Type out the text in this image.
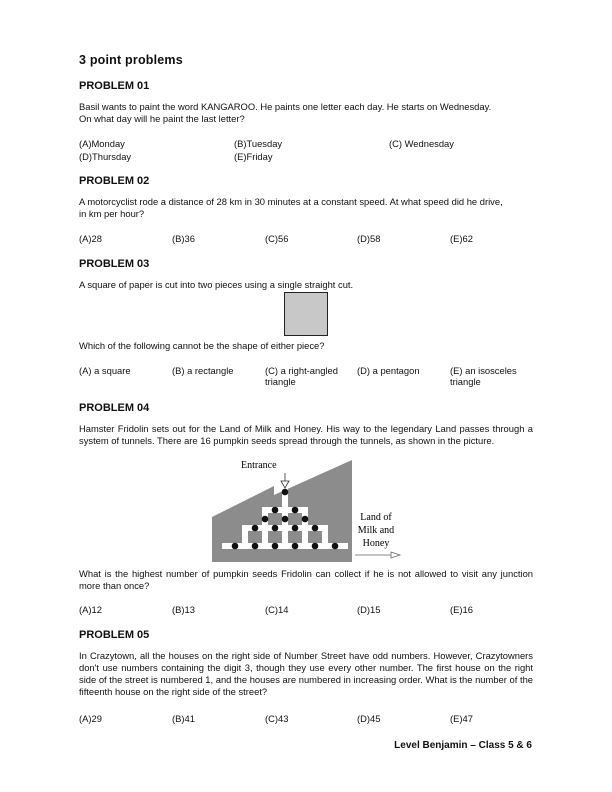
3 point problems
PROBLEM 01
Basil wants to paint the word KANGAROO. He paints one letter each day. He starts on Wednesday.
On what day will he paint the last letter?
(A)Monday	(B)Tuesday	(C) Wednesday
(D)Thursday	(E)Friday
PROBLEM 02
A motorcyclist rode a distance of 28 km in 30 minutes at a constant speed. At what speed did he drive,
in km per hour?
(A)28	(B)36	(C)56	(D)58	(E)62
PROBLEM 03
A square of paper is cut into two pieces using a single straight cut.
Which of the following cannot be the shape of either piece?
(A) a square	(B) a rectangle	(C) a right-angled triangle
(D) a pentagon	(E) an isosceles triangle
PROBLEM 04
Hamster Fridolin sets out for the Land of Milk and Honey. His way to the legendary Land passes through a system of tunnels. There are 16 pumpkin seeds spread through the tunnels, as shown in the picture.
Entrance
Land of
Milk and
Honey
What is the highest number of pumpkin seeds Fridolin can collect if he is not allowed to visit any junction more than once?
(A)12	(B)13	(C)14	(D)15	(E)16
PROBLEM 05
In Crazytown, all the houses on the right side of Number Street have odd numbers. However, Crazytowners don't use numbers containing the digit 3, though they use every other number. The first house on the right side of the street is numbered 1, and the houses are numbered in increasing order. What is the number of the fifteenth house on the right side of the street?
(A)29	(B)41	(C)43	(D)45	(E)47
Level Benjamin – Class 5 & 6
